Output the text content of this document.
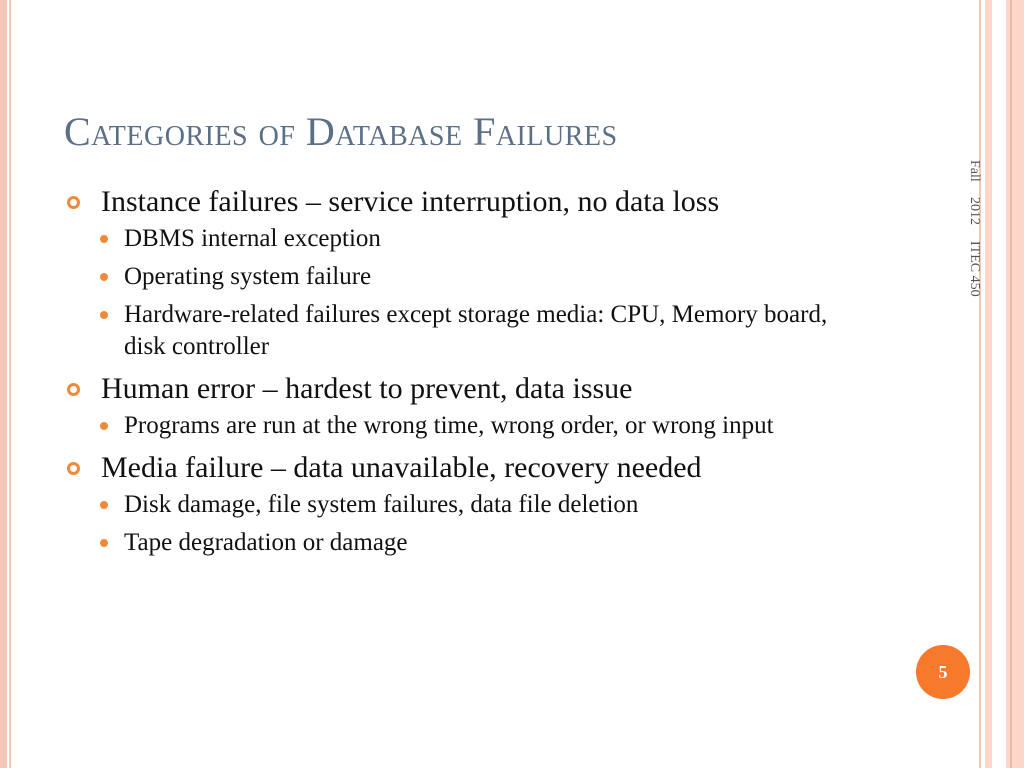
Categories of Database Failures
Instance failures – service interruption, no data loss
DBMS internal exception
Operating system failure
Hardware-related failures except storage media: CPU, Memory board, disk controller
Human error – hardest to prevent, data issue
Programs are run at the wrong time, wrong order, or wrong input
Media failure – data unavailable, recovery needed
Disk damage, file system failures, data file deletion
Tape degradation or damage
Fall 2012 ITEC 450
5
